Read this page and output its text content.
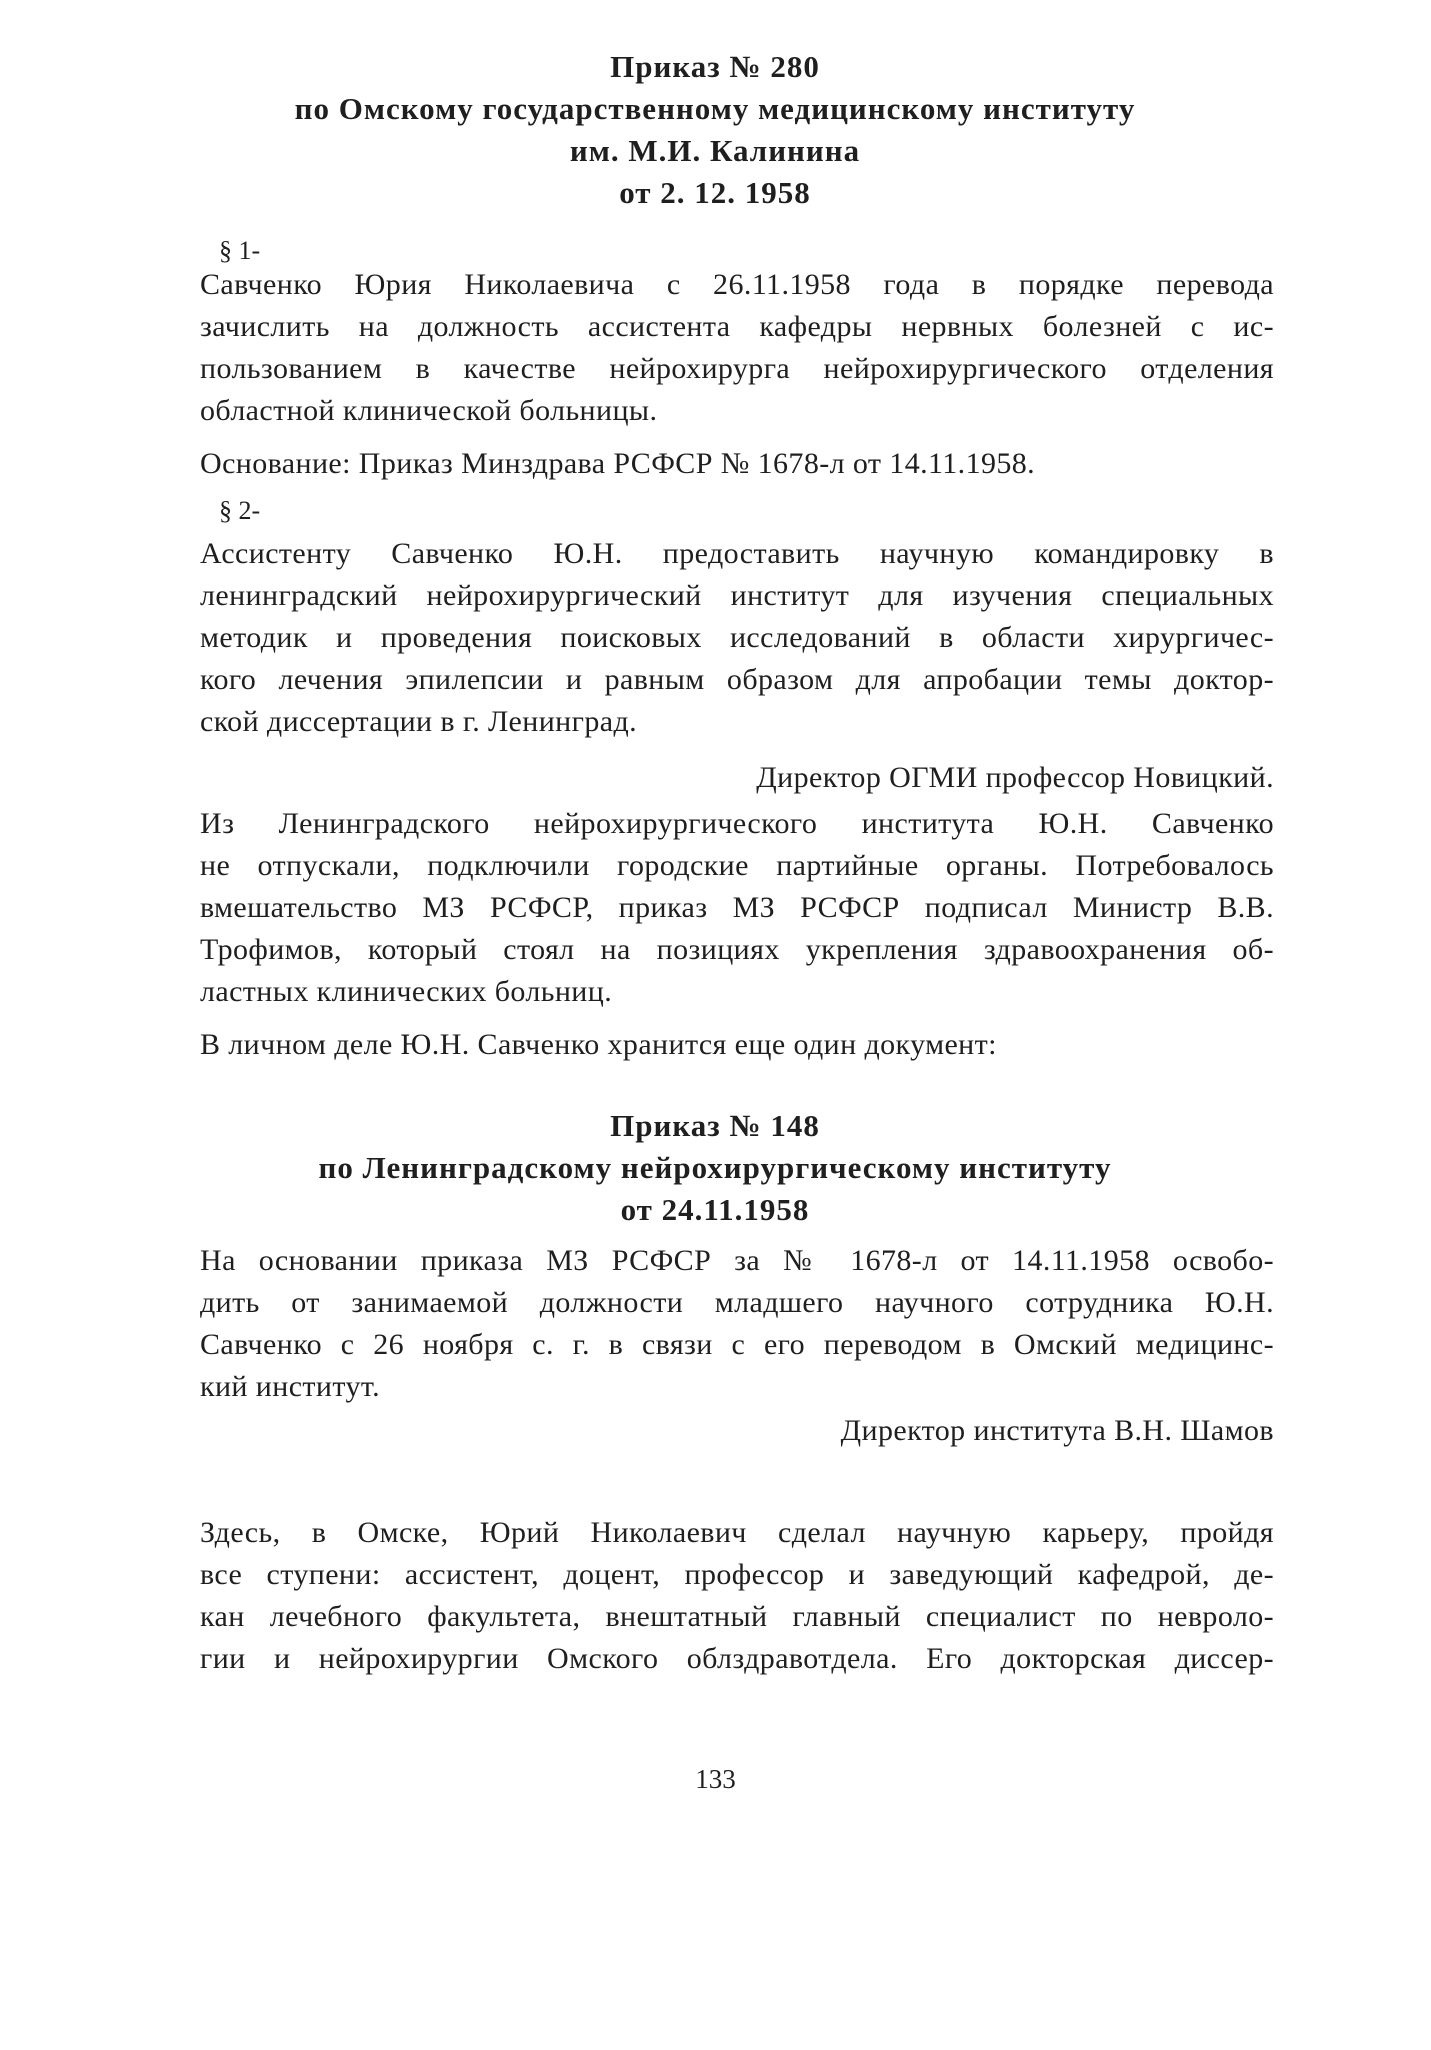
Приказ № 280
по Омскому государственному медицинскому институту
им. М.И. Калинина
от 2. 12. 1958
§ 1-

Савченко Юрия Николаевича с 26.11.1958 года в порядке перевода
зачислить на должность ассистента кафедры нервных болезней с ис-
пользованием в качестве нейрохирурга нейрохирургического отделения
областной клинической больницы.

Основание: Приказ Минздрава РСФСР № 1678-л от 14.11.1958.

§ 2-

Ассистенту Савченко Ю.Н. предоставить научную командировку в
ленинградский нейрохирургический институт для изучения специальных
методик и проведения поисковых исследований в области хирургичес-
кого лечения эпилепсии и равным образом для апробации темы доктор-
ской диссертации в г. Ленинград.

Директор ОГМИ профессор Новицкий.

Из Ленинградского нейрохирургического института Ю.Н. Савченко
не отпускали, подключили городские партийные органы. Потребовалось
вмешательство МЗ РСФСР, приказ МЗ РСФСР подписал Министр В.В.
Трофимов, который стоял на позициях укрепления здравоохранения об-
ластных клинических больниц.

В личном деле Ю.Н. Савченко хранится еще один документ:

Приказ № 148
по Ленинградскому нейрохирургическому институту
от 24.11.1958

На основании приказа МЗ РСФСР за № 1678-л от 14.11.1958 освобо-
дить от занимаемой должности младшего научного сотрудника Ю.Н.
Савченко с 26 ноября с. г. в связи с его переводом в Омский медицинс-
кий институт.

Директор института В.Н. Шамов

Здесь, в Омске, Юрий Николаевич сделал научную карьеру, пройдя
все ступени: ассистент, доцент, профессор и заведующий кафедрой, де-
кан лечебного факультета, внештатный главный специалист по невроло-
гии и нейрохирургии Омского облздравотдела. Его докторская диссер-

133
